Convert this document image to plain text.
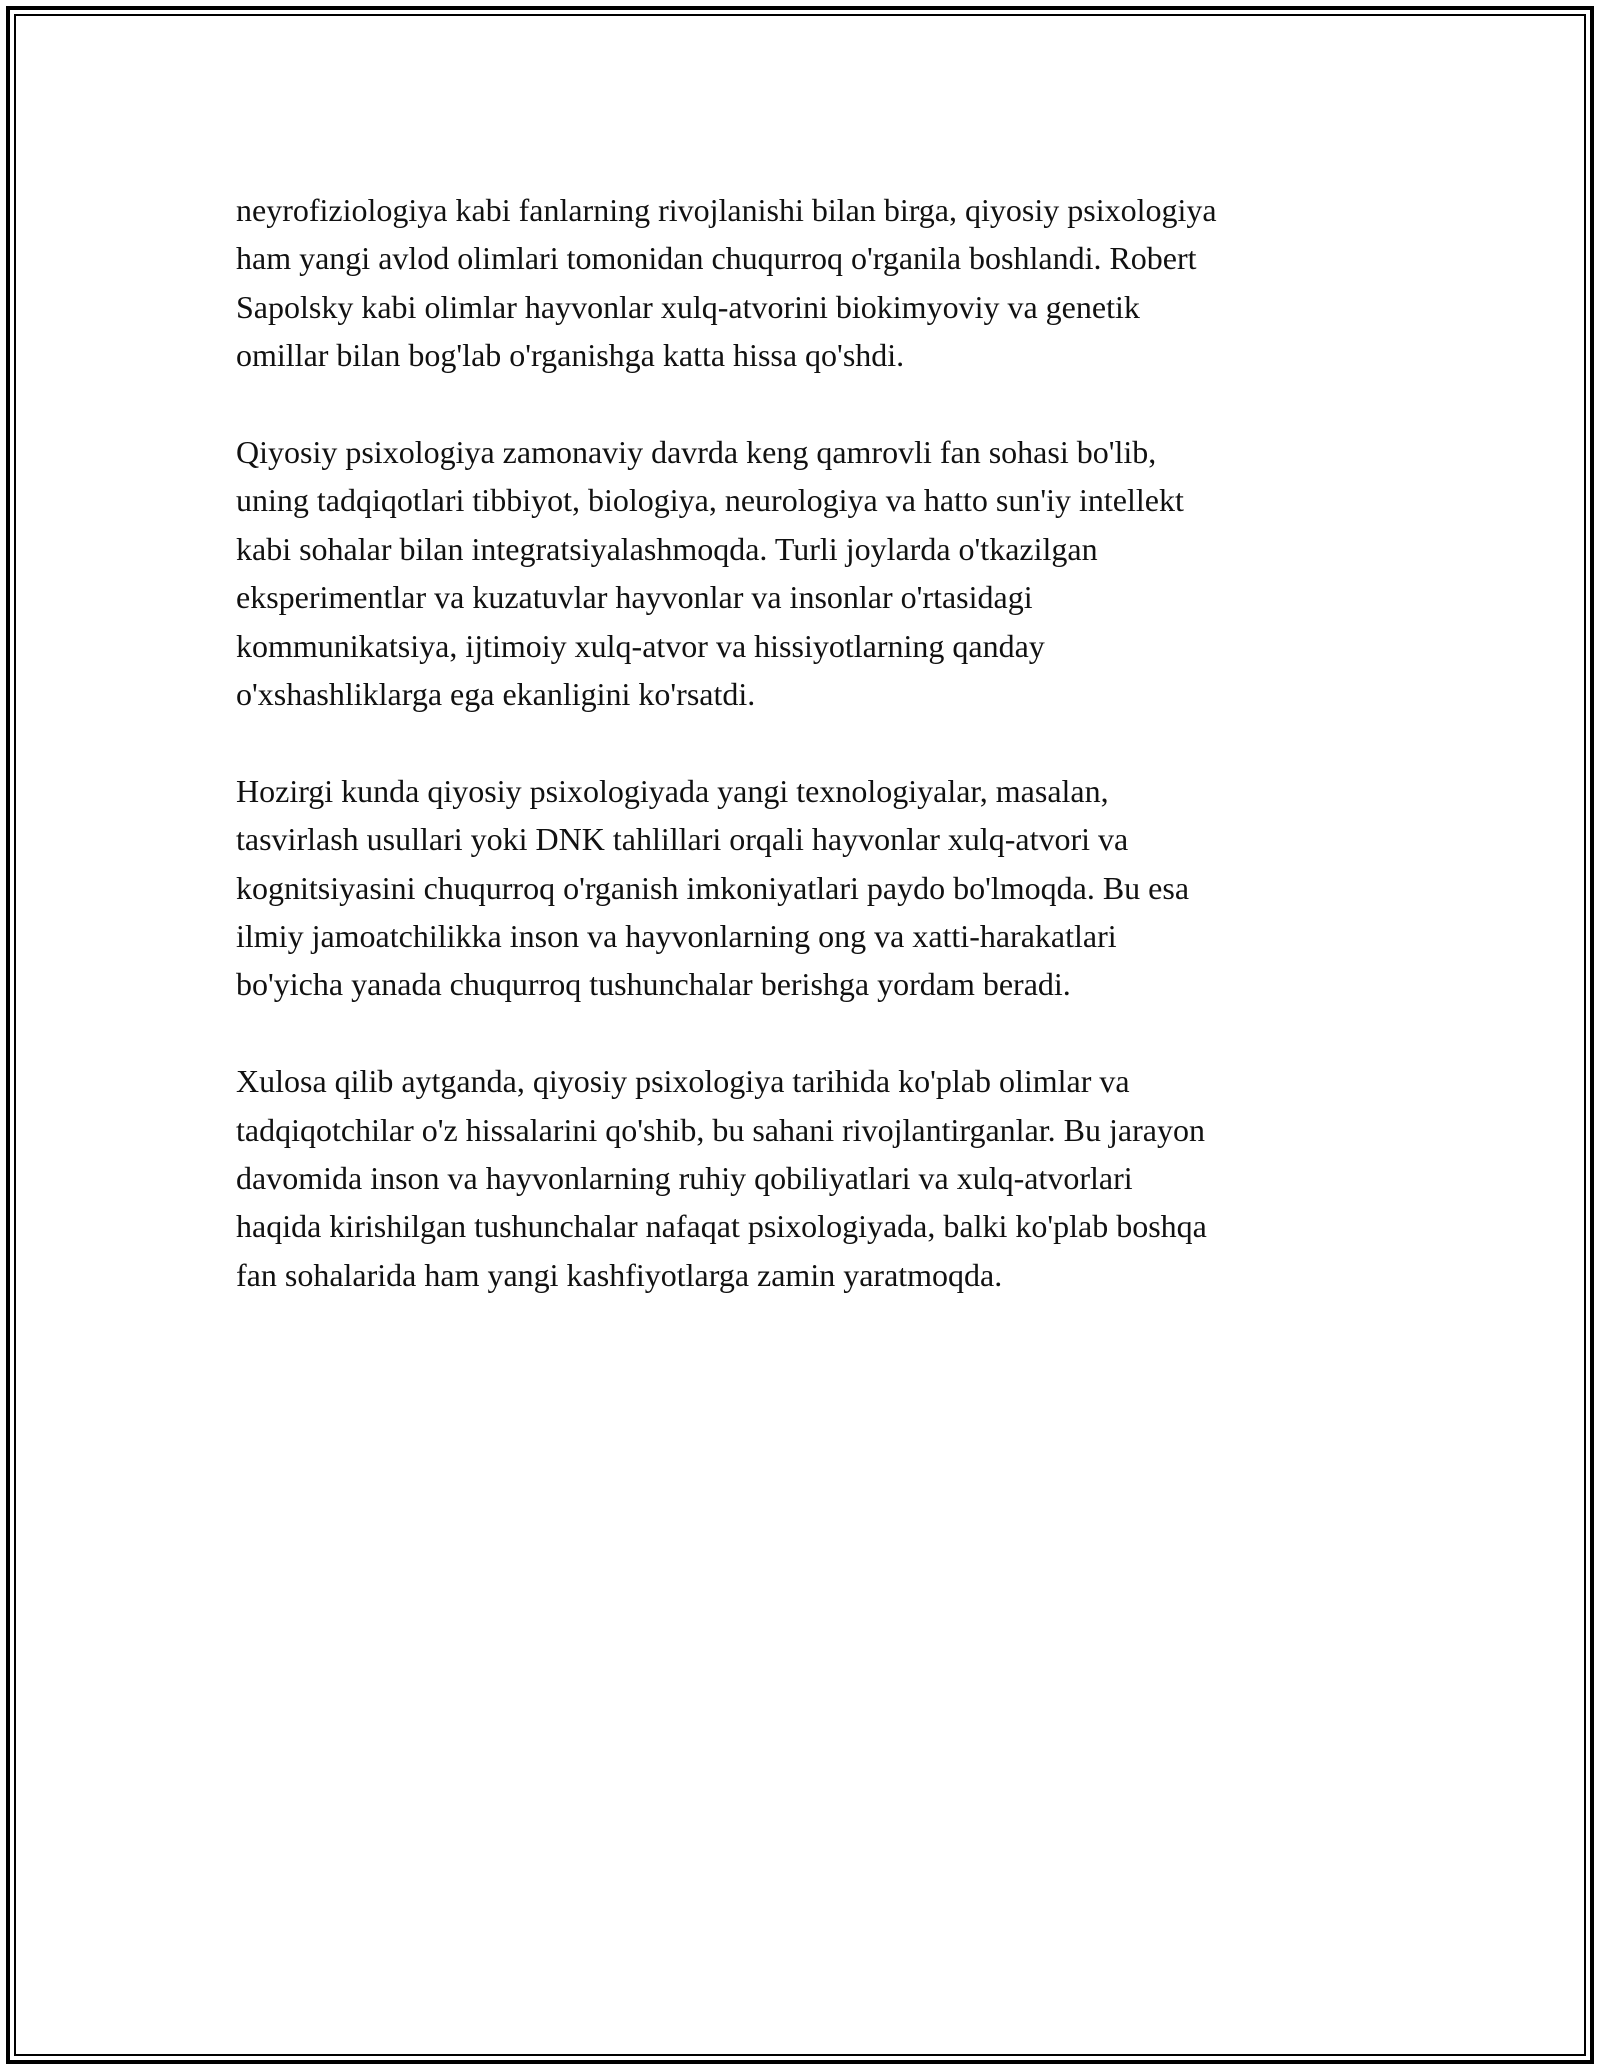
neyrofiziologiya kabi fanlarning rivojlanishi bilan birga, qiyosiy psixologiya
ham yangi avlod olimlari tomonidan chuqurroq o'rganila boshlandi. Robert
Sapolsky kabi olimlar hayvonlar xulq-atvorini biokimyoviy va genetik
omillar bilan bog'lab o'rganishga katta hissa qo'shdi.

Qiyosiy psixologiya zamonaviy davrda keng qamrovli fan sohasi bo'lib,
uning tadqiqotlari tibbiyot, biologiya, neurologiya va hatto sun'iy intellekt
kabi sohalar bilan integratsiyalashmoqda. Turli joylarda o'tkazilgan
eksperimentlar va kuzatuvlar hayvonlar va insonlar o'rtasidagi
kommunikatsiya, ijtimoiy xulq-atvor va hissiyotlarning qanday
o'xshashliklarga ega ekanligini ko'rsatdi.

Hozirgi kunda qiyosiy psixologiyada yangi texnologiyalar, masalan,
tasvirlash usullari yoki DNK tahlillari orqali hayvonlar xulq-atvori va
kognitsiyasini chuqurroq o'rganish imkoniyatlari paydo bo'lmoqda. Bu esa
ilmiy jamoatchilikka inson va hayvonlarning ong va xatti-harakatlari
bo'yicha yanada chuqurroq tushunchalar berishga yordam beradi.

Xulosa qilib aytganda, qiyosiy psixologiya tarihida ko'plab olimlar va
tadqiqotchilar o'z hissalarini qo'shib, bu sahani rivojlantirganlar. Bu jarayon
davomida inson va hayvonlarning ruhiy qobiliyatlari va xulq-atvorlari
haqida kirishilgan tushunchalar nafaqat psixologiyada, balki ko'plab boshqa
fan sohalarida ham yangi kashfiyotlarga zamin yaratmoqda.
